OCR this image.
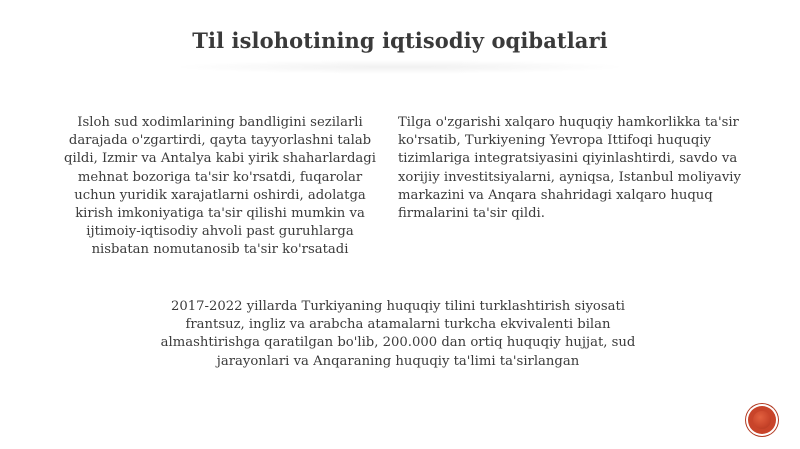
Til islohotining iqtisodiy oqibatlari

Isloh sud xodimlarining bandligini sezilarli darajada o'zgartirdi, qayta tayyorlashni talab qildi, Izmir va Antalya kabi yirik shaharlardagi mehnat bozoriga ta'sir ko'rsatdi, fuqarolar uchun yuridik xarajatlarni oshirdi, adolatga kirish imkoniyatiga ta'sir qilishi mumkin va ijtimoiy-iqtisodiy ahvoli past guruhlarga nisbatan nomutanosib ta'sir ko'rsatadi

Tilga o'zgarishi xalqaro huquqiy hamkorlikka ta'sir ko'rsatib, Turkiyening Yevropa Ittifoqi huquqiy tizimlariga integratsiyasini qiyinlashtirdi, savdo va xorijiy investitsiyalarni, ayniqsa, Istanbul moliyaviy markazini va Anqara shahridagi xalqaro huquq firmalarini ta'sir qildi.

2017-2022 yillarda Turkiyaning huquqiy tilini turklashtirish siyosati frantsuz, ingliz va arabcha atamalarni turkcha ekvivalenti bilan almashtirishga qaratilgan bo'lib, 200.000 dan ortiq huquqiy hujjat, sud jarayonlari va Anqaraning huquqiy ta'limi ta'sirlangan
